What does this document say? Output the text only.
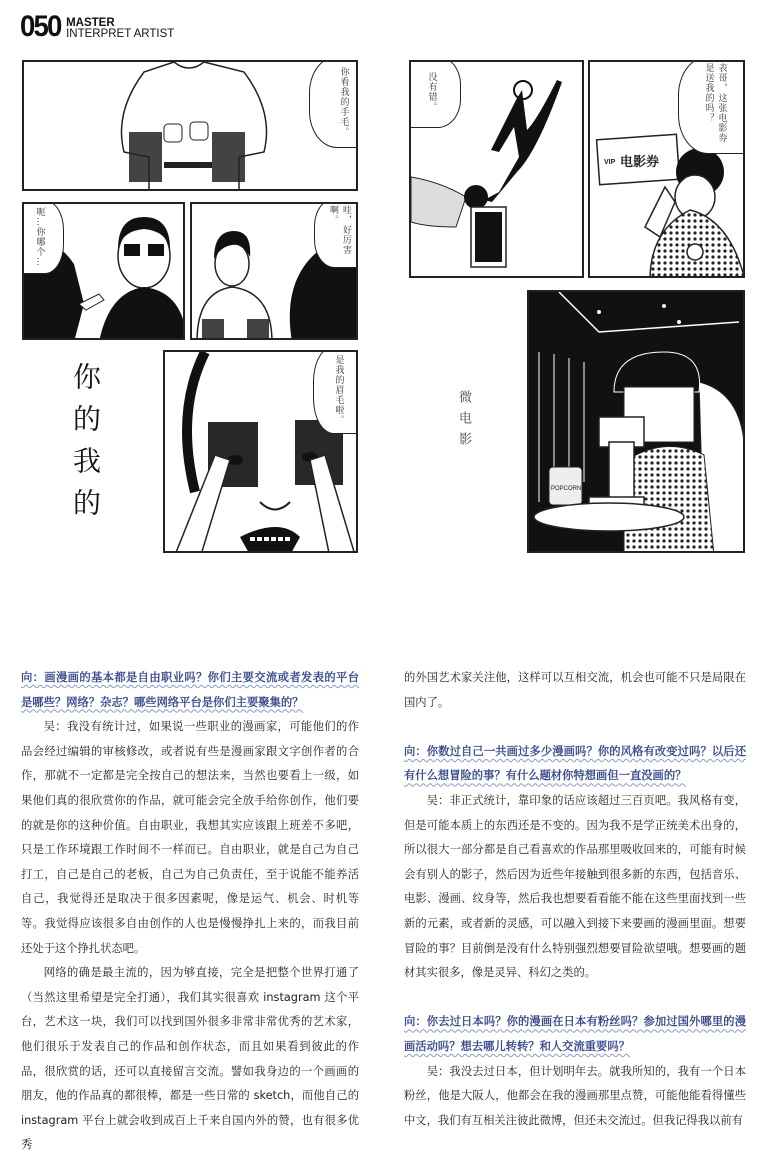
050 MASTER
INTERPRET ARTIST
你看我的手毛。
呃…你哪个…	哇，好厉害啊。
你的我的	是我的眉毛啦。
没有错。
VIP 电影券
表哥，这张电影券是送我的吗？
微电影
POPCORN

向：画漫画的基本都是自由职业吗？你们主要交流或者发表的平台是哪些？网络？杂志？哪些网络平台是你们主要聚集的？

吴：我没有统计过，如果说一些职业的漫画家，可能他们的作品会经过编辑的审核修改，或者说有些是漫画家跟文字创作者的合作，那就不一定都是完全按自己的想法来，当然也要看上一级，如果他们真的很欣赏你的作品，就可能会完全放手给你创作，他们要的就是你的这种价值。自由职业，我想其实应该跟上班差不多吧，只是工作环境跟工作时间不一样而已。自由职业，就是自己为自己打工，自己是自己的老板，自己为自己负责任，至于说能不能养活自己，我觉得还是取决于很多因素呢，像是运气、机会、时机等等。我觉得应该很多自由创作的人也是慢慢挣扎上来的，而我目前还处于这个挣扎状态吧。

网络的确是最主流的，因为够直接，完全是把整个世界打通了（当然这里希望是完全打通），我们其实很喜欢 instagram 这个平台，艺术这一块，我们可以找到国外很多非常非常优秀的艺术家，他们很乐于发表自己的作品和创作状态，而且如果看到彼此的作品，很欣赏的话，还可以直接留言交流。譬如我身边的一个画画的朋友，他的作品真的都很棒，都是一些日常的 sketch，而他自己的 instagram 平台上就会收到成百上千来自国内外的赞，也有很多优秀

的外国艺术家关注他，这样可以互相交流，机会也可能不只是局限在国内了。

向：你数过自己一共画过多少漫画吗？你的风格有改变过吗？以后还有什么想冒险的事？有什么题材你特想画但一直没画的？

吴：非正式统计，靠印象的话应该超过三百页吧。我风格有变，但是可能本质上的东西还是不变的。因为我不是学正统美术出身的，所以很大一部分都是自己看喜欢的作品那里吸收回来的，可能有时候会有别人的影子，然后因为近些年接触到很多新的东西，包括音乐、电影、漫画、纹身等，然后我也想要看看能不能在这些里面找到一些新的元素，或者新的灵感，可以融入到接下来要画的漫画里面。想要冒险的事？目前倒是没有什么特别强烈想要冒险欲望哦。想要画的题材其实很多，像是灵异、科幻之类的。

向：你去过日本吗？你的漫画在日本有粉丝吗？参加过国外哪里的漫画活动吗？想去哪儿转转？和人交流重要吗？

吴：我没去过日本，但计划明年去。就我所知的，我有一个日本粉丝，他是大阪人，他都会在我的漫画那里点赞，可能他能看得懂些中文，我们有互相关注彼此微博，但还未交流过。但我记得我以前有
